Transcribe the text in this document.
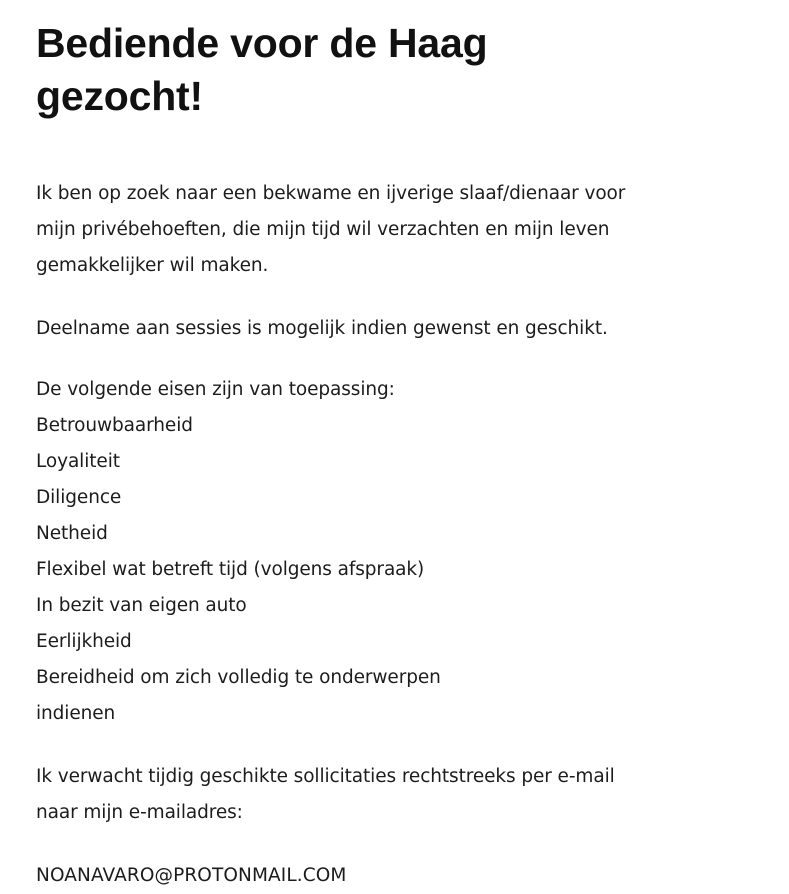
Bediende voor de Haag gezocht!

Ik ben op zoek naar een bekwame en ijverige slaaf/dienaar voor mijn privébehoeften, die mijn tijd wil verzachten en mijn leven gemakkelijker wil maken.

Deelname aan sessies is mogelijk indien gewenst en geschikt.

De volgende eisen zijn van toepassing:

Betrouwbaarheid
Loyaliteit
Diligence
Netheid
Flexibel wat betreft tijd (volgens afspraak)
In bezit van eigen auto
Eerlijkheid
Bereidheid om zich volledig te onderwerpen
indienen

Ik verwacht tijdig geschikte sollicitaties rechtstreeks per e-mail naar mijn e-mailadres:

NOANAVARO@PROTONMAIL.COM
